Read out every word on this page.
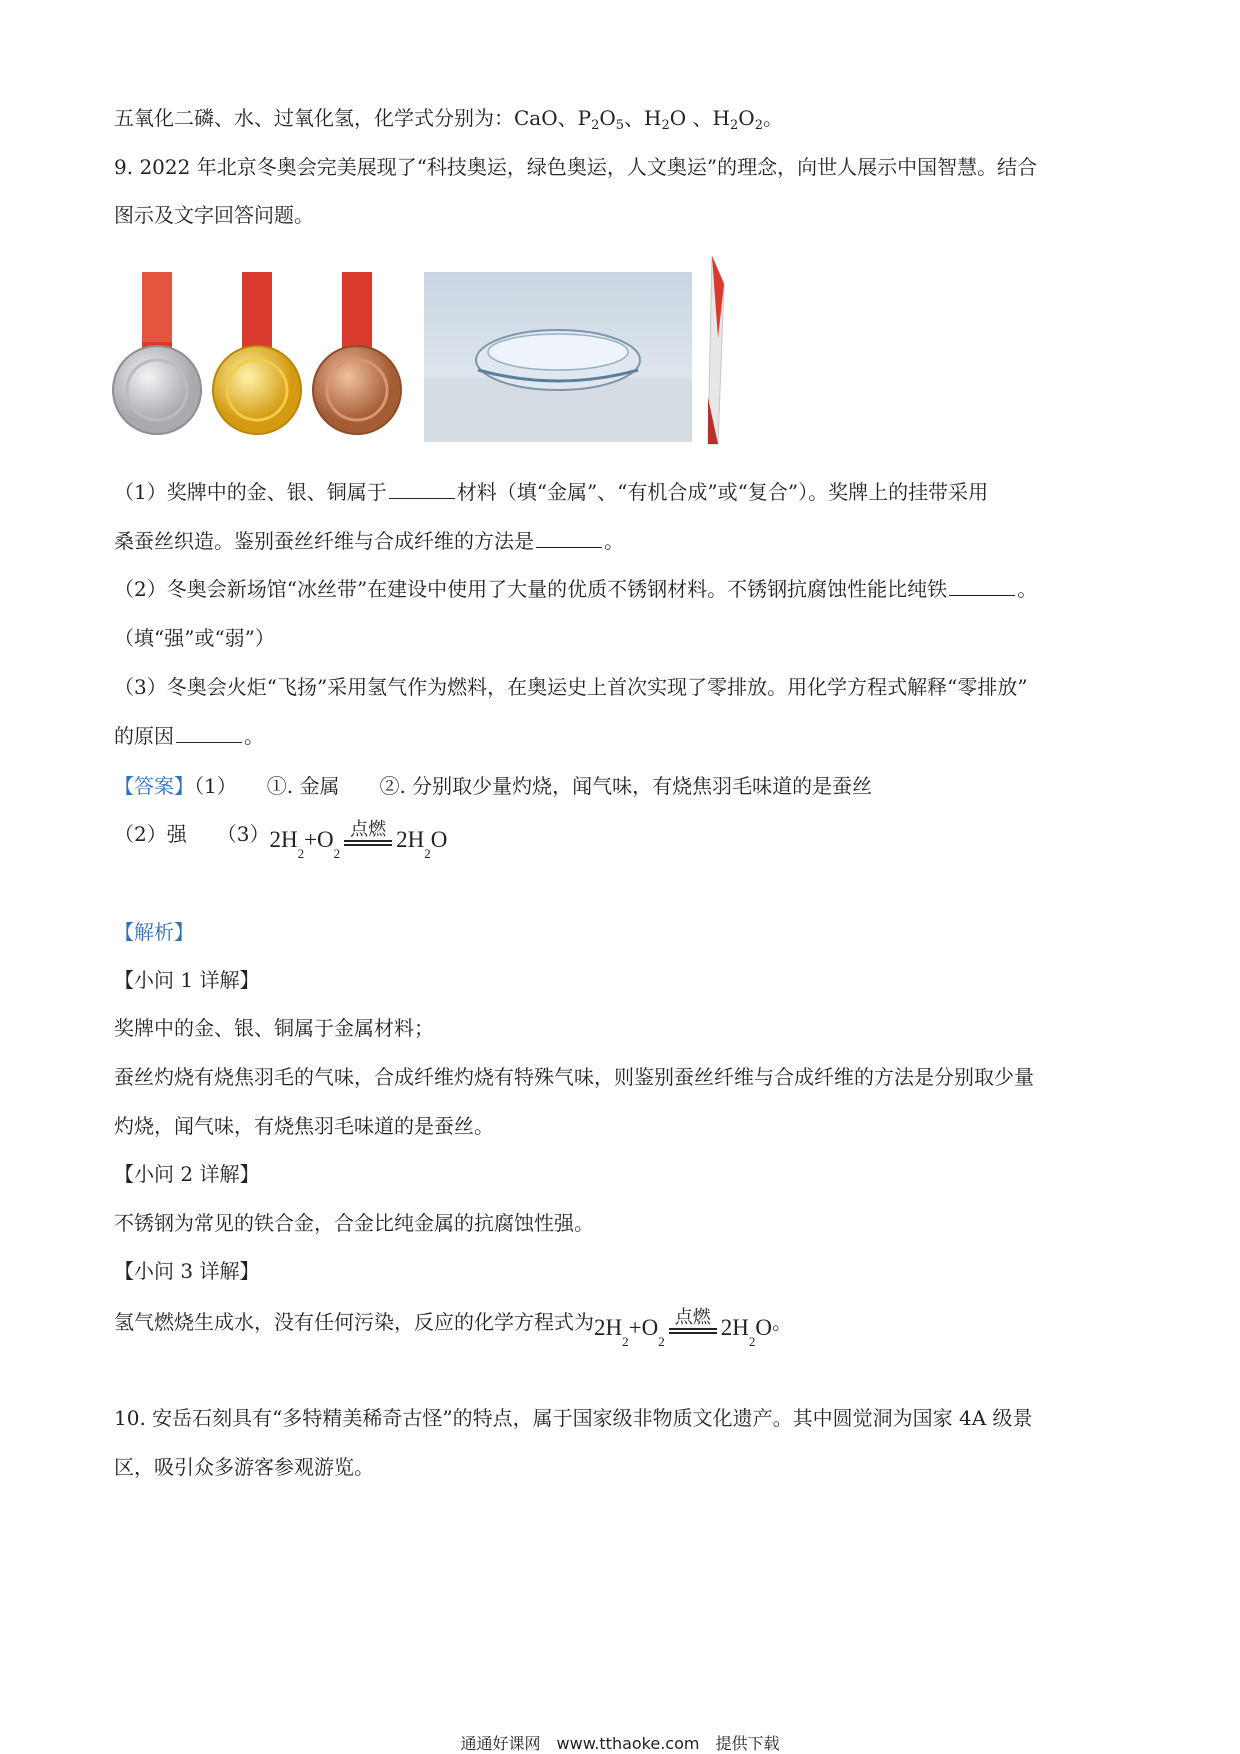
五氧化二磷、水、过氧化氢，化学式分别为：CaO、$P_2O_5$、$H_2O$ 、$H_2O_2$。
9. 2022 年北京冬奥会完美展现了“科技奥运，绿色奥运，人文奥运”的理念，向世人展示中国智慧。结合
图示及文字回答问题。
（1）奖牌中的金、银、铜属于	材料（填“金属”、“有机合成”或“复合”）。奖牌上的挂带采用
桑蚕丝织造。鉴别蚕丝纤维与合成纤维的方法是	。
（2）冬奥会新场馆“冰丝带”在建设中使用了大量的优质不锈钢材料。不锈钢抗腐蚀性能比纯铁	。
（填“强”或“弱”）
（3）冬奥会火炬“飞扬”采用氢气作为燃料，在奥运史上首次实现了零排放。用化学方程式解释“零排放”
的原因	。
【答案】（1）　　①. 金属　　②. 分别取少量灼烧，闻气味，有烧焦羽毛味道的是蚕丝
（2）强　　（3） 2H
2
+O
2
点燃 2H
2
O
【解析】
【小问 1 详解】
奖牌中的金、银、铜属于金属材料；
蚕丝灼烧有烧焦羽毛的气味，合成纤维灼烧有特殊气味，则鉴别蚕丝纤维与合成纤维的方法是分别取少量
灼烧，闻气味，有烧焦羽毛味道的是蚕丝。
【小问 2 详解】
不锈钢为常见的铁合金，合金比纯金属的抗腐蚀性强。
【小问 3 详解】
氢气燃烧生成水，没有任何污染，反应的化学方程式为 2H
2
+O
2
点燃 2H
2
O 。
10. 安岳石刻具有“多特精美稀奇古怪”的特点，属于国家级非物质文化遗产。其中圆觉洞为国家 4A 级景
区，吸引众多游客参观游览。
通通好课网　www.tthaoke.com　提供下载
